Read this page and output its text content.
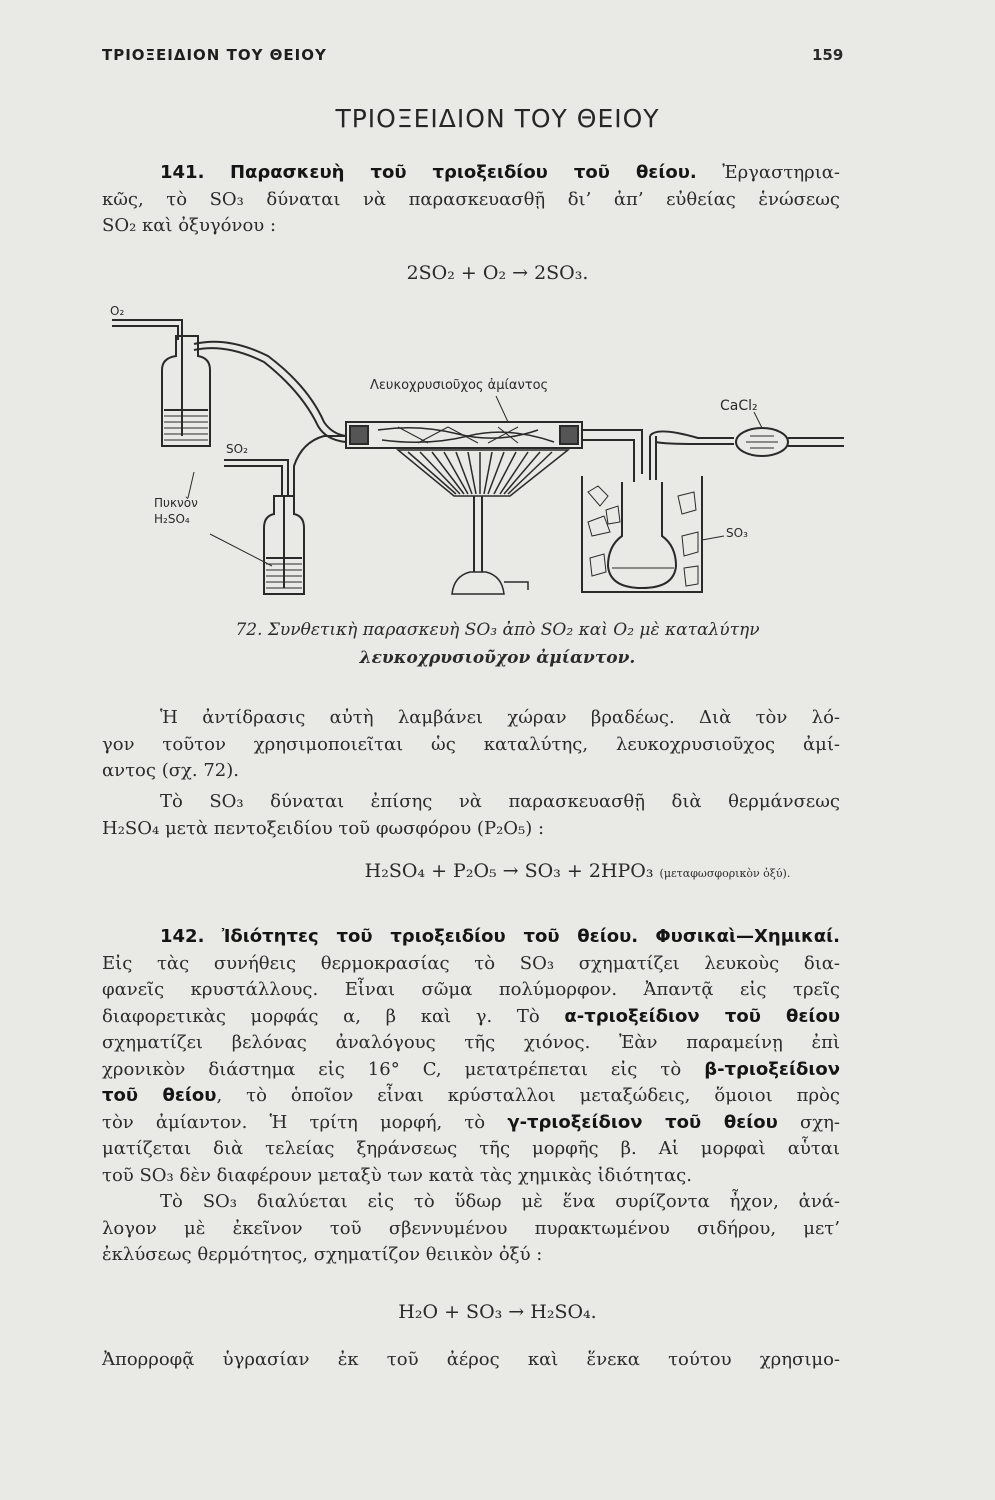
ΤΡΙΟΞΕΙΔΙΟΝ ΤΟΥ ΘΕΙΟΥ	159
ΤΡΙΟΞΕΙΔΙΟΝ ΤΟΥ ΘΕΙΟΥ
141. Παρασκευὴ τοῦ τριοξειδίου τοῦ θείου. Ἐργαστηρια-
κῶς, τὸ SO₃ δύναται νὰ παρασκευασθῇ δι’ ἀπ’ εὐθείας ἑνώσεως
SO₂ καὶ ὀξυγόνου :
2SO₂ + O₂ → 2SO₃.
O₂
SO₂
Πυκνὸν
H₂SO₄
Λευκοχρυσιοῦχος ἀμίαντος
CaCl₂
SO₃
72. Συνθετικὴ παρασκευὴ SO₃ ἀπὸ SO₂ καὶ O₂ μὲ καταλύτην
λευκοχρυσιοῦχον ἀμίαντον.
Ἡ ἀντίδρασις αὐτὴ λαμβάνει χώραν βραδέως. Διὰ τὸν λό-
γον τοῦτον χρησιμοποιεῖται ὡς καταλύτης, λευκοχρυσιοῦχος ἀμί-
αντος (σχ. 72).
Τὸ SO₃ δύναται ἐπίσης νὰ παρασκευασθῇ διὰ θερμάνσεως
H₂SO₄ μετὰ πεντοξειδίου τοῦ φωσφόρου (P₂O₅) :
H₂SO₄ + P₂O₅ → SO₃ + 2HPO₃ (μεταφωσφορικὸν ὀξύ).
142. Ἰδιότητες τοῦ τριοξειδίου τοῦ θείου. Φυσικαὶ—Χημικαί.
Εἰς τὰς συνήθεις θερμοκρασίας τὸ SO₃ σχηματίζει λευκοὺς δια-
φανεῖς κρυστάλλους. Εἶναι σῶμα πολύμορφον. Ἀπαντᾷ εἰς τρεῖς
διαφορετικὰς μορφάς α, β καὶ γ. Τὸ α-τριοξείδιον τοῦ θείου
σχηματίζει βελόνας ἀναλόγους τῆς χιόνος. Ἐὰν παραμείνῃ ἐπὶ
χρονικὸν διάστημα εἰς 16° C, μετατρέπεται εἰς τὸ β-τριοξείδιον
τοῦ θείου, τὸ ὁποῖον εἶναι κρύσταλλοι μεταξώδεις, ὅμοιοι πρὸς
τὸν ἀμίαντον. Ἡ τρίτη μορφή, τὸ γ-τριοξείδιον τοῦ θείου σχη-
ματίζεται διὰ τελείας ξηράνσεως τῆς μορφῆς β. Αἱ μορφαὶ αὗται
τοῦ SO₃ δὲν διαφέρουν μεταξὺ των κατὰ τὰς χημικὰς ἰδιότητας.
Τὸ SO₃ διαλύεται εἰς τὸ ὕδωρ μὲ ἕνα συρίζοντα ἦχον, ἀνά-
λογον μὲ ἐκεῖνον τοῦ σβεννυμένου πυρακτωμένου σιδήρου, μετ’
ἐκλύσεως θερμότητος, σχηματίζον θειικὸν ὀξύ :
H₂O + SO₃ → H₂SO₄.
Ἀπορροφᾷ ὑγρασίαν ἐκ τοῦ ἀέρος καὶ ἕνεκα τούτου χρησιμο-
